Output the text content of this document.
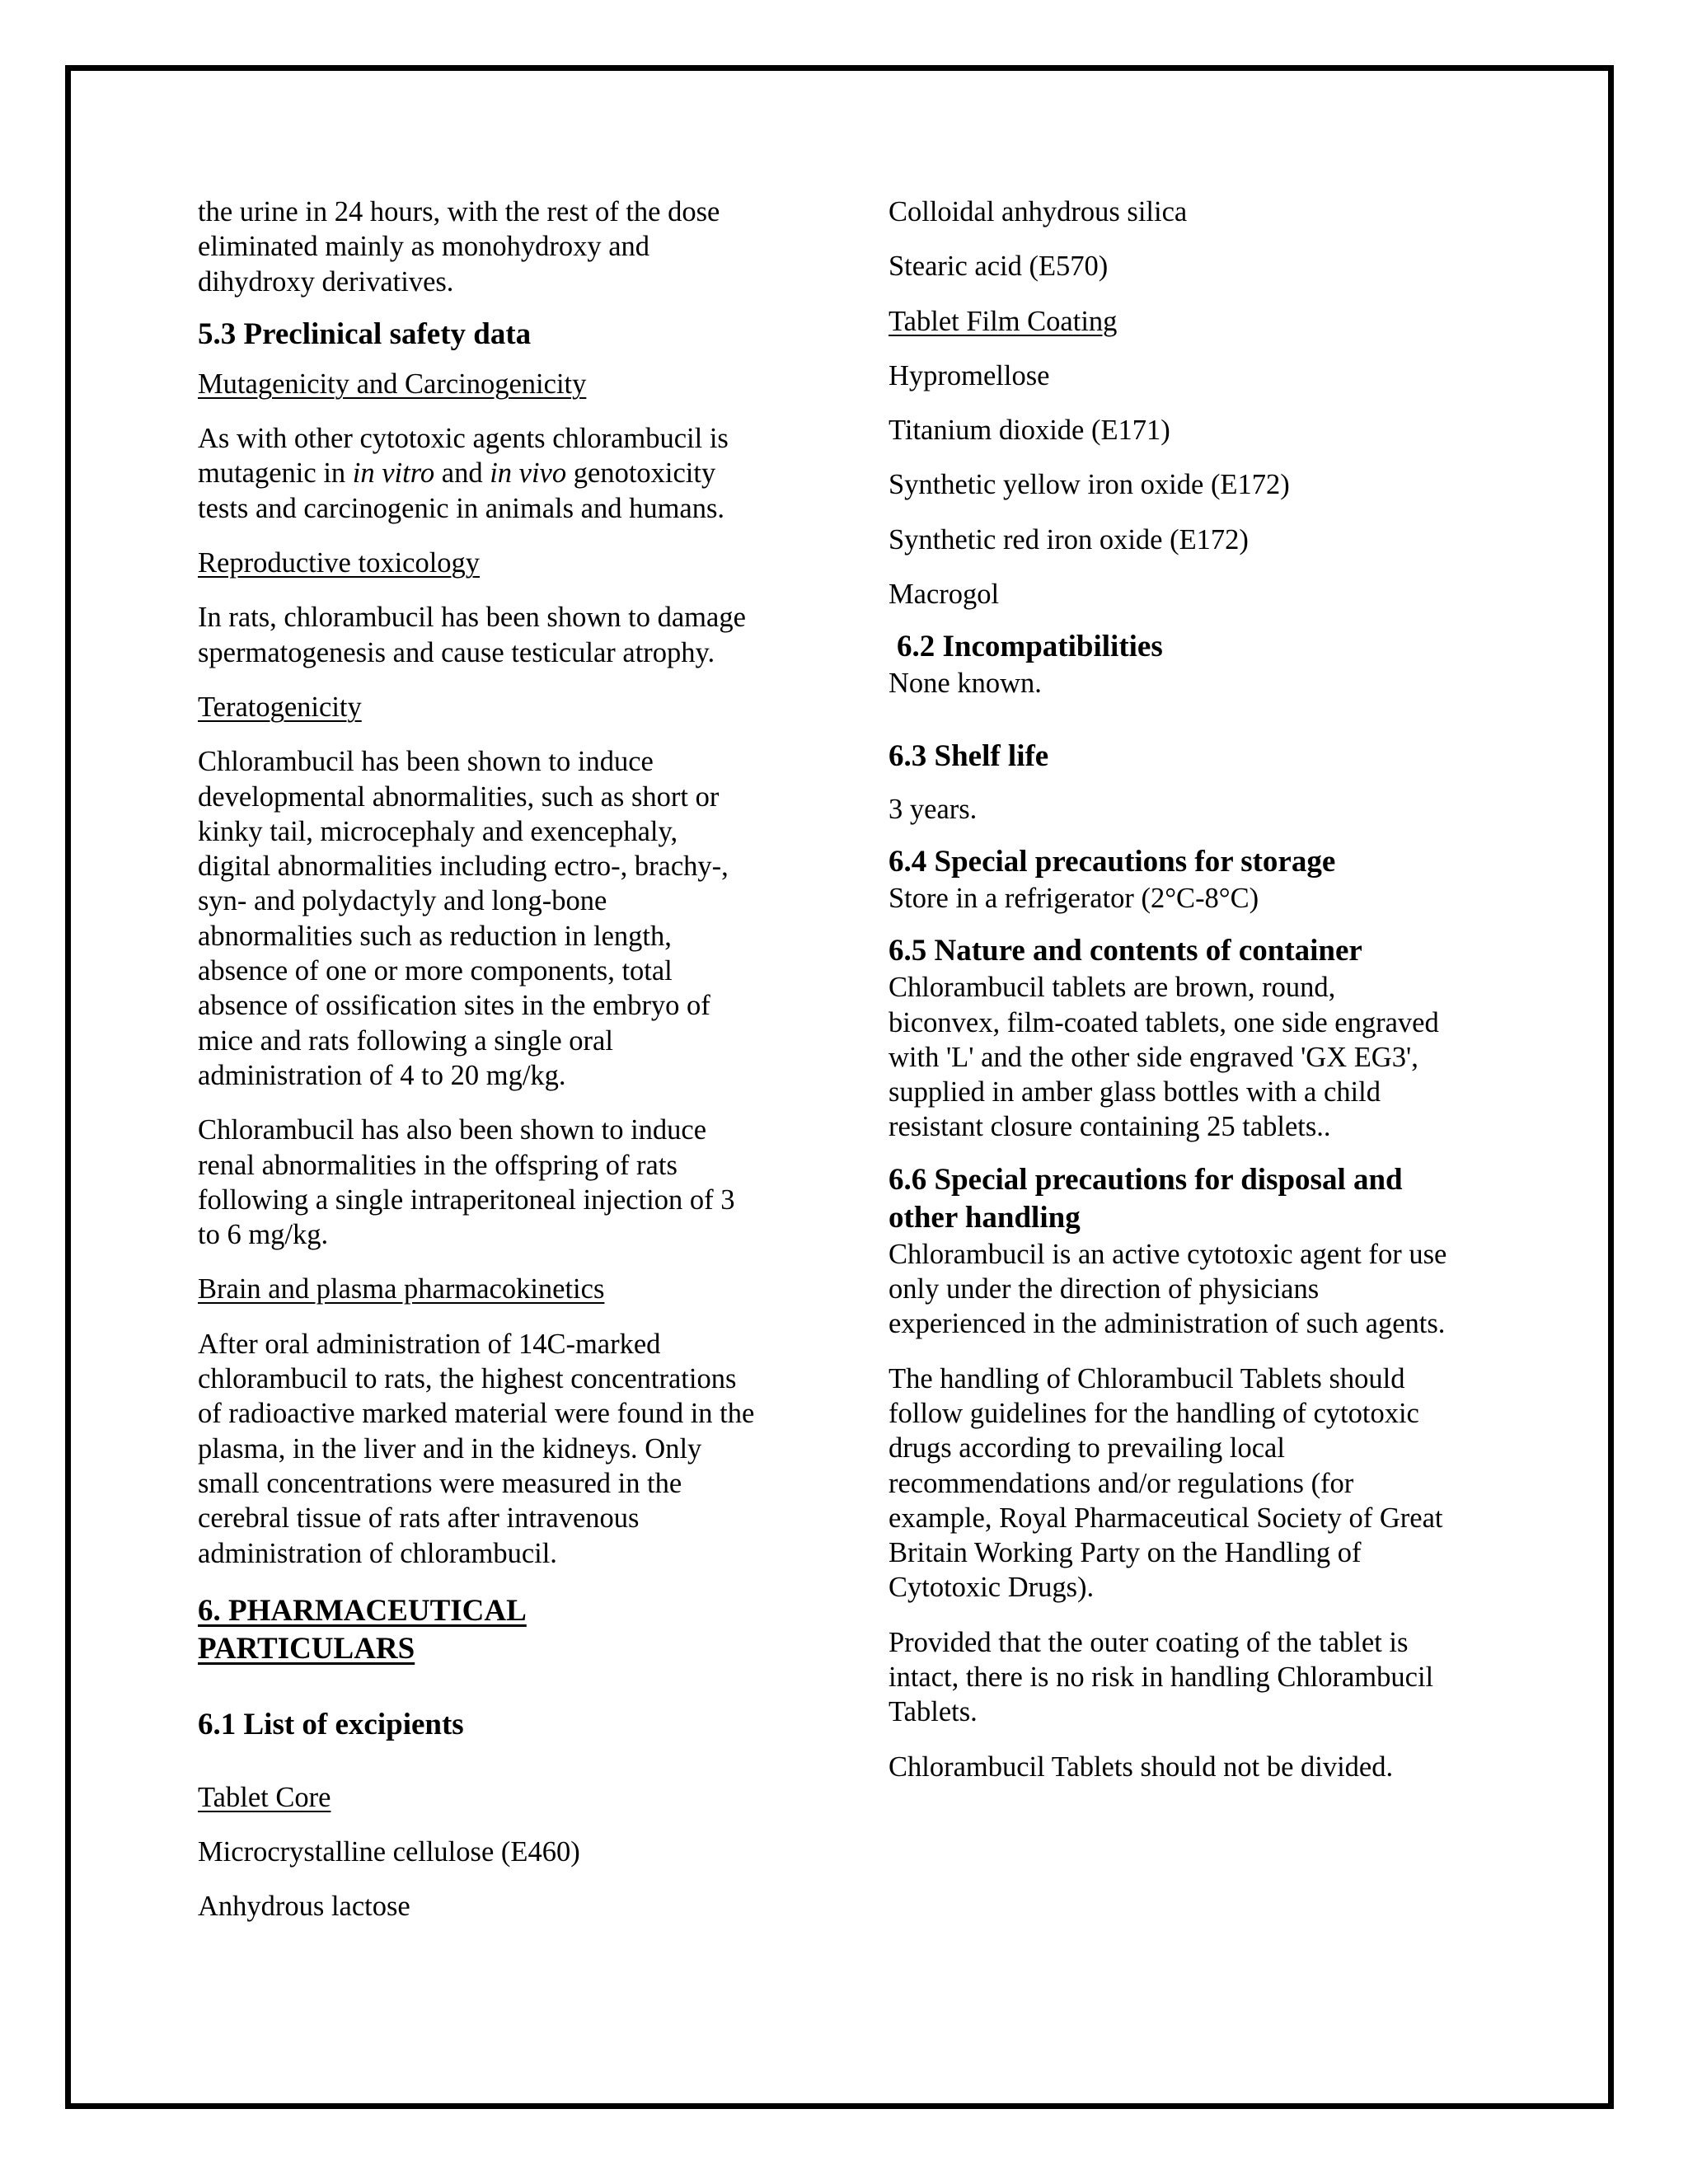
the urine in 24 hours, with the rest of the dose
eliminated mainly as monohydroxy and
dihydroxy derivatives.

5.3 Preclinical safety data
Mutagenicity and Carcinogenicity

As with other cytotoxic agents chlorambucil is
mutagenic in in vitro and in vivo genotoxicity
tests and carcinogenic in animals and humans.

Reproductive toxicology

In rats, chlorambucil has been shown to damage
spermatogenesis and cause testicular atrophy.

Teratogenicity

Chlorambucil has been shown to induce
developmental abnormalities, such as short or
kinky tail, microcephaly and exencephaly,
digital abnormalities including ectro-, brachy-,
syn- and polydactyly and long-bone
abnormalities such as reduction in length,
absence of one or more components, total
absence of ossification sites in the embryo of
mice and rats following a single oral
administration of 4 to 20 mg/kg.

Chlorambucil has also been shown to induce
renal abnormalities in the offspring of rats
following a single intraperitoneal injection of 3
to 6 mg/kg.

Brain and plasma pharmacokinetics

After oral administration of 14C-marked
chlorambucil to rats, the highest concentrations
of radioactive marked material were found in the
plasma, in the liver and in the kidneys. Only
small concentrations were measured in the
cerebral tissue of rats after intravenous
administration of chlorambucil.

6. PHARMACEUTICAL
PARTICULARS
6.1 List of excipients
Tablet Core
Microcrystalline cellulose (E460)
Anhydrous lactose
Colloidal anhydrous silica
Stearic acid (E570)
Tablet Film Coating
Hypromellose
Titanium dioxide (E171)
Synthetic yellow iron oxide (E172)
Synthetic red iron oxide (E172)
Macrogol
6.2 Incompatibilities
None known.
6.3 Shelf life
3 years.
6.4 Special precautions for storage
Store in a refrigerator (2°C-8°C)
6.5 Nature and contents of container

Chlorambucil tablets are brown, round,
biconvex, film-coated tablets, one side engraved
with 'L' and the other side engraved 'GX EG3',
supplied in amber glass bottles with a child
resistant closure containing 25 tablets..

6.6 Special precautions for disposal and
other handling

Chlorambucil is an active cytotoxic agent for use
only under the direction of physicians
experienced in the administration of such agents.

The handling of Chlorambucil Tablets should
follow guidelines for the handling of cytotoxic
drugs according to prevailing local
recommendations and/or regulations (for
example, Royal Pharmaceutical Society of Great
Britain Working Party on the Handling of
Cytotoxic Drugs).

Provided that the outer coating of the tablet is
intact, there is no risk in handling Chlorambucil
Tablets.

Chlorambucil Tablets should not be divided.
